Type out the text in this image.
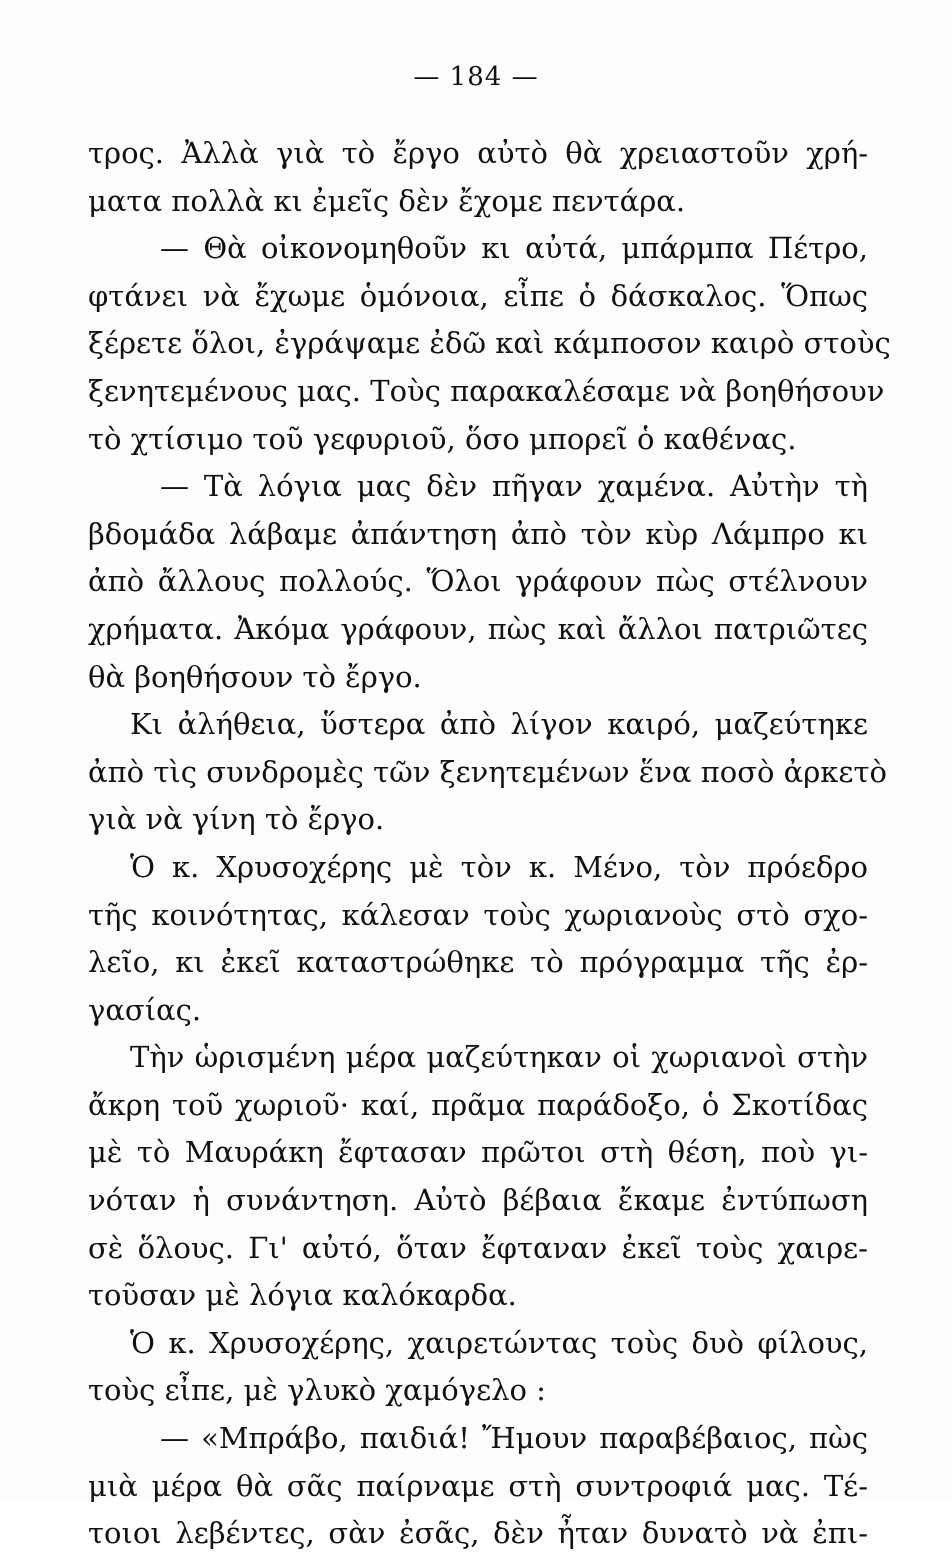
— 184 —
τρος. Ἀλλὰ γιὰ τὸ ἔργο αὐτὸ θὰ χρειαστοῦν χρή-
ματα πολλὰ κι ἐμεῖς δὲν ἔχομε πεντάρα.
— Θὰ οἰκονομηθοῦν κι αὐτά, μπάρμπα Πέτρο,
φτάνει νὰ ἔχωμε ὁμόνοια, εἶπε ὁ δάσκαλος. Ὅπως
ξέρετε ὅλοι, ἐγράψαμε ἐδῶ καὶ κάμποσον καιρὸ στοὺς
ξενητεμένους μας. Τοὺς παρακαλέσαμε νὰ βοηθήσουν
τὸ χτίσιμο τοῦ γεφυριοῦ, ὅσο μπορεῖ ὁ καθένας.
— Τὰ λόγια μας δὲν πῆγαν χαμένα. Αὐτὴν τὴ
βδομάδα λάβαμε ἀπάντηση ἀπὸ τὸν κὺρ Λάμπρο κι
ἀπὸ ἄλλους πολλούς. Ὅλοι γράφουν πὼς στέλνουν
χρήματα. Ἀκόμα γράφουν, πὼς καὶ ἄλλοι πατριῶτες
θὰ βοηθήσουν τὸ ἔργο.
Κι ἀλήθεια, ὕστερα ἀπὸ λίγον καιρό, μαζεύτηκε
ἀπὸ τὶς συνδρομὲς τῶν ξενητεμένων ἕνα ποσὸ ἀρκετὸ
γιὰ νὰ γίνη τὸ ἔργο.
Ὁ κ. Χρυσοχέρης μὲ τὸν κ. Μένο, τὸν πρόεδρο
τῆς κοινότητας, κάλεσαν τοὺς χωριανοὺς στὸ σχο-
λεῖο, κι ἐκεῖ καταστρώθηκε τὸ πρόγραμμα τῆς ἐρ-
γασίας.
Τὴν ὡρισμένη μέρα μαζεύτηκαν οἱ χωριανοὶ στὴν
ἄκρη τοῦ χωριοῦ· καί, πρᾶμα παράδοξο, ὁ Σκοτίδας
μὲ τὸ Μαυράκη ἔφτασαν πρῶτοι στὴ θέση, ποὺ γι-
νόταν ἡ συνάντηση. Αὐτὸ βέβαια ἔκαμε ἐντύπωση
σὲ ὅλους. Γι' αὐτό, ὅταν ἔφταναν ἐκεῖ τοὺς χαιρε-
τοῦσαν μὲ λόγια καλόκαρδα.
Ὁ κ. Χρυσοχέρης, χαιρετώντας τοὺς δυὸ φίλους,
τοὺς εἶπε, μὲ γλυκὸ χαμόγελο :
— «Μπράβο, παιδιά! Ἤμουν παραβέβαιος, πὼς
μιὰ μέρα θὰ σᾶς παίρναμε στὴ συντροφιά μας. Τέ-
τοιοι λεβέντες, σὰν ἐσᾶς, δὲν ἦταν δυνατὸ νὰ ἐπι-
